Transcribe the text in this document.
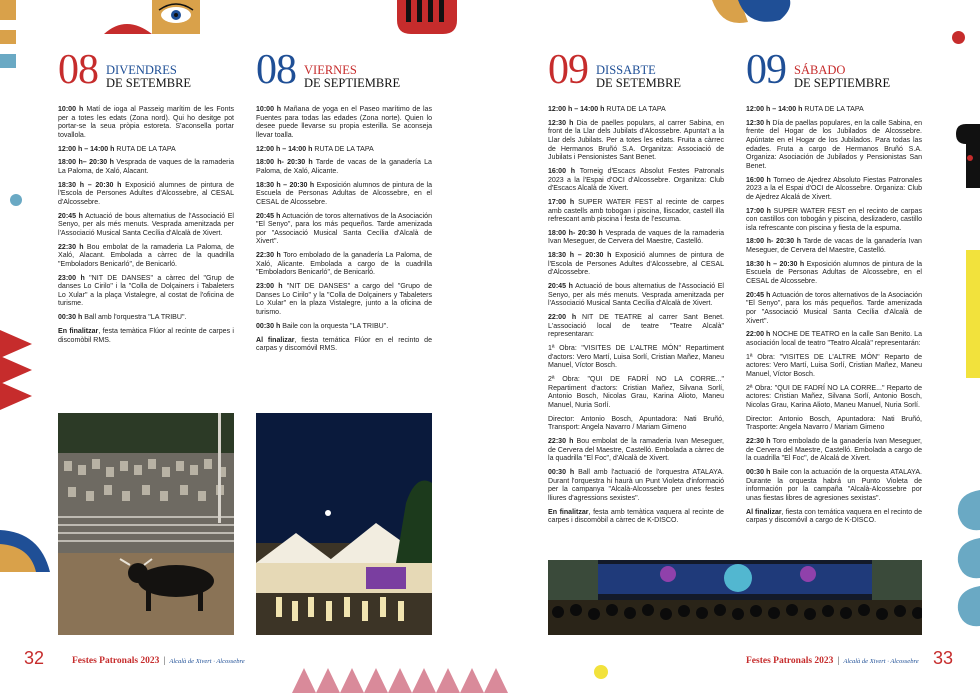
08 DIVENDRES
DE SETEMBRE

10:00 h Matí de ioga al Passeig marítim de les Fonts per a totes les edats (Zona nord). Qui ho desitge pot portar-se la seua pròpia estoreta. S'aconsella portar tovallola.

12:00 h – 14:00 h RUTA DE LA TAPA

18:00 h– 20:30 h Vesprada de vaques de la ramaderia La Paloma, de Xaló, Alacant.

18:30 h – 20:30 h Exposició alumnes de pintura de l'Escola de Persones Adultes d'Alcossebre, al CESAL d'Alcossebre.

20:45 h Actuació de bous alternatius de l'Associació El Senyo, per als més menuts. Vesprada amenitzada per l'Associació Musical Santa Cecília d'Alcalà de Xivert.

22:30 h Bou embolat de la ramaderia La Paloma, de Xaló, Alacant. Embolada a càrrec de la quadrilla "Emboladors Benicarló", de Benicarló.

23:00 h "NIT DE DANSES" a càrrec del "Grup de danses Lo Cirilo" i la "Colla de Dolçainers i Tabaleters Lo Xular" a la plaça Vistalegre, al costat de l'oficina de turisme.

00:30 h Ball amb l'orquestra "LA TRIBU".

En finalitzar, festa temàtica Flúor al recinte de carpes i discomòbil RMS.

08 VIERNES
DE SEPTIEMBRE

10:00 h Mañana de yoga en el Paseo marítimo de las Fuentes para todas las edades (Zona norte). Quien lo desee puede llevarse su propia esterilla. Se aconseja llevar toalla.

12:00 h – 14:00 h RUTA DE LA TAPA

18:00 h- 20:30 h Tarde de vacas de la ganadería La Paloma, de Xaló, Alicante.

18:30 h – 20:30 h Exposición alumnos de pintura de la Escuela de Personas Adultas de Alcossebre, en el CESAL de Alcossebre.

20:45 h Actuación de toros alternativos de la Asociación "El Senyo", para los más pequeños. Tarde amenizada por "Associació Musical Santa Cecília d'Alcalà de Xivert".

22:30 h Toro embolado de la ganadería La Paloma, de Xaló, Alicante. Embolada a cargo de la cuadrilla "Emboladors Benicarló", de Benicarló.

23:00 h "NIT DE DANSES" a cargo del "Grupo de Danses Lo Cirilo" y la "Colla de Dolçainers y Tabaleters Lo Xular" en la plaza Vistalegre, junto a la oficina de turismo.

00:30 h Baile con la orquesta "LA TRIBU".

Al finalizar, fiesta temática Flúor en el recinto de carpas y discomóvil RMS.

09 DISSABTE
DE SETEMBRE

12:00 h – 14:00 h RUTA DE LA TAPA

12:30 h Dia de paelles populars, al carrer Sabina, en front de la Llar dels Jubilats d'Alcossebre. Apunta't a la Llar dels Jubilats. Per a totes les edats. Fruita a càrrec de Hermanos Bruñó S.A. Organitza: Associació de Jubilats i Pensionistes Sant Benet.

16:00 h Torneig d'Escacs Absolut Festes Patronals 2023 a la l'Espai d'OCI d'Alcossebre. Organitza: Club d'Escacs Alcalà de Xivert.

17:00 h SUPER WATER FEST al recinte de carpes amb castells amb tobogan i piscina, lliscador, castell illa refrescant amb piscina i festa de l'escuma.

18:00 h- 20:30 h Vesprada de vaques de la ramaderia Ivan Meseguer, de Cervera del Maestre, Castelló.

18:30 h – 20:30 h Exposició alumnes de pintura de l'Escola de Persones Adultes d'Alcossebre, al CESAL d'Alcossebre.

20:45 h Actuació de bous alternatius de l'Associació El Senyo, per als més menuts. Vesprada amenitzada per l'Associació Musical Santa Cecília d'Alcalà de Xivert.

22:00 h NIT DE TEATRE al carrer Sant Benet. L'associació local de teatre "Teatre Alcalà" representaran:

1ª Obra: "VISITES DE L'ALTRE MÓN" Repartiment d'actors: Vero Martí, Luisa Sorlí, Cristian Mañez, Maneu Manuel, Víctor Bosch.

2ª Obra: "QUI DE FADRÍ NO LA CORRE..." Repartiment d'actors: Cristian Mañez, Silvana Sorlí, Antonio Bosch, Nicolas Grau, Karina Alioto, Maneu Manuel, Nuria Sorlí.

Director: Antonio Bosch, Apuntadora: Nati Bruñó, Transport: Angela Navarro / Mariam Gimeno

22:30 h Bou embolat de la ramaderia Ivan Meseguer, de Cervera del Maestre, Castelló. Embolada a càrrec de la quadrilla "El Foc", d'Alcalà de Xivert.

00:30 h Ball amb l'actuació de l'orquestra ATALAYA. Durant l'orquestra hi haurà un Punt Violeta d'informació per la campanya "Alcalà-Alcossebre per unes festes lliures d'agressions sexistes".

En finalitzar, festa amb temàtica vaquera al recinte de carpes i discomòbil a càrrec de K-DISCO.

09 SÁBADO
DE SEPTIEMBRE

12:00 h – 14:00 h RUTA DE LA TAPA

12:30 h Día de paellas populares, en la calle Sabina, en frente del Hogar de los Jubilados de Alcossebre. Apúntate en el Hogar de los Jubilados. Para todas las edades. Fruta a cargo de Hermanos Bruñó S.A. Organiza: Asociación de Jubilados y Pensionistas San Benet.

16:00 h Torneo de Ajedrez Absoluto Fiestas Patronales 2023 a la el Espai d'OCI de Alcossebre. Organiza: Club de Ajedrez Alcalá de Xivert.

17:00 h SUPER WATER FEST en el recinto de carpas con castillos con tobogán y piscina, deslizadero, castillo isla refrescante con piscina y fiesta de la espuma.

18:00 h- 20:30 h Tarde de vacas de la ganadería Ivan Meseguer, de Cervera del Maestre, Castelló.

18:30 h – 20:30 h Exposición alumnos de pintura de la Escuela de Personas Adultas de Alcossebre, en el CESAL de Alcossebre.

20:45 h Actuación de toros alternativos de la Asociación "El Senyo", para los más pequeños. Tarde amenizada por "Associació Musical Santa Cecília d'Alcalà de Xivert".

22:00 h NOCHE DE TEATRO en la calle San Benito. La asociación local de teatro "Teatro Alcalà" representarán:

1ª Obra: "VISITES DE L'ALTRE MÓN" Reparto de actores: Vero Martí, Luisa Sorlí, Cristian Mañez, Maneu Manuel, Víctor Bosch.

2ª Obra: "QUI DE FADRÍ NO LA CORRE..." Reparto de actores: Cristian Mañez, Silvana Sorlí, Antonio Bosch, Nicolas Grau, Karina Alioto, Maneu Manuel, Nuria Sorlí.

Director: Antonio Bosch, Apuntadora: Nati Bruñó, Trasporte: Angela Navarro / Mariam Gimeno

22:30 h Toro embolado de la ganadería Ivan Meseguer, de Cervera del Maestre, Castelló. Embolada a cargo de la cuadrilla "El Foc", de Alcalá de Xivert.

00:30 h Baile con la actuación de la orquesta ATALAYA. Durante la orquesta habrá un Punto Violeta de información por la campaña "Alcalà-Alcossebre por unas fiestas libres de agresiones sexistas".

Al finalizar, fiesta con temática vaquera en el recinto de carpas y discomóvil a cargo de K-DISCO.

32	Festes Patronals 2023 | Alcalà de Xivert · Alcossebre	Festes Patronals 2023 | Alcalà de Xivert · Alcossebre 33
